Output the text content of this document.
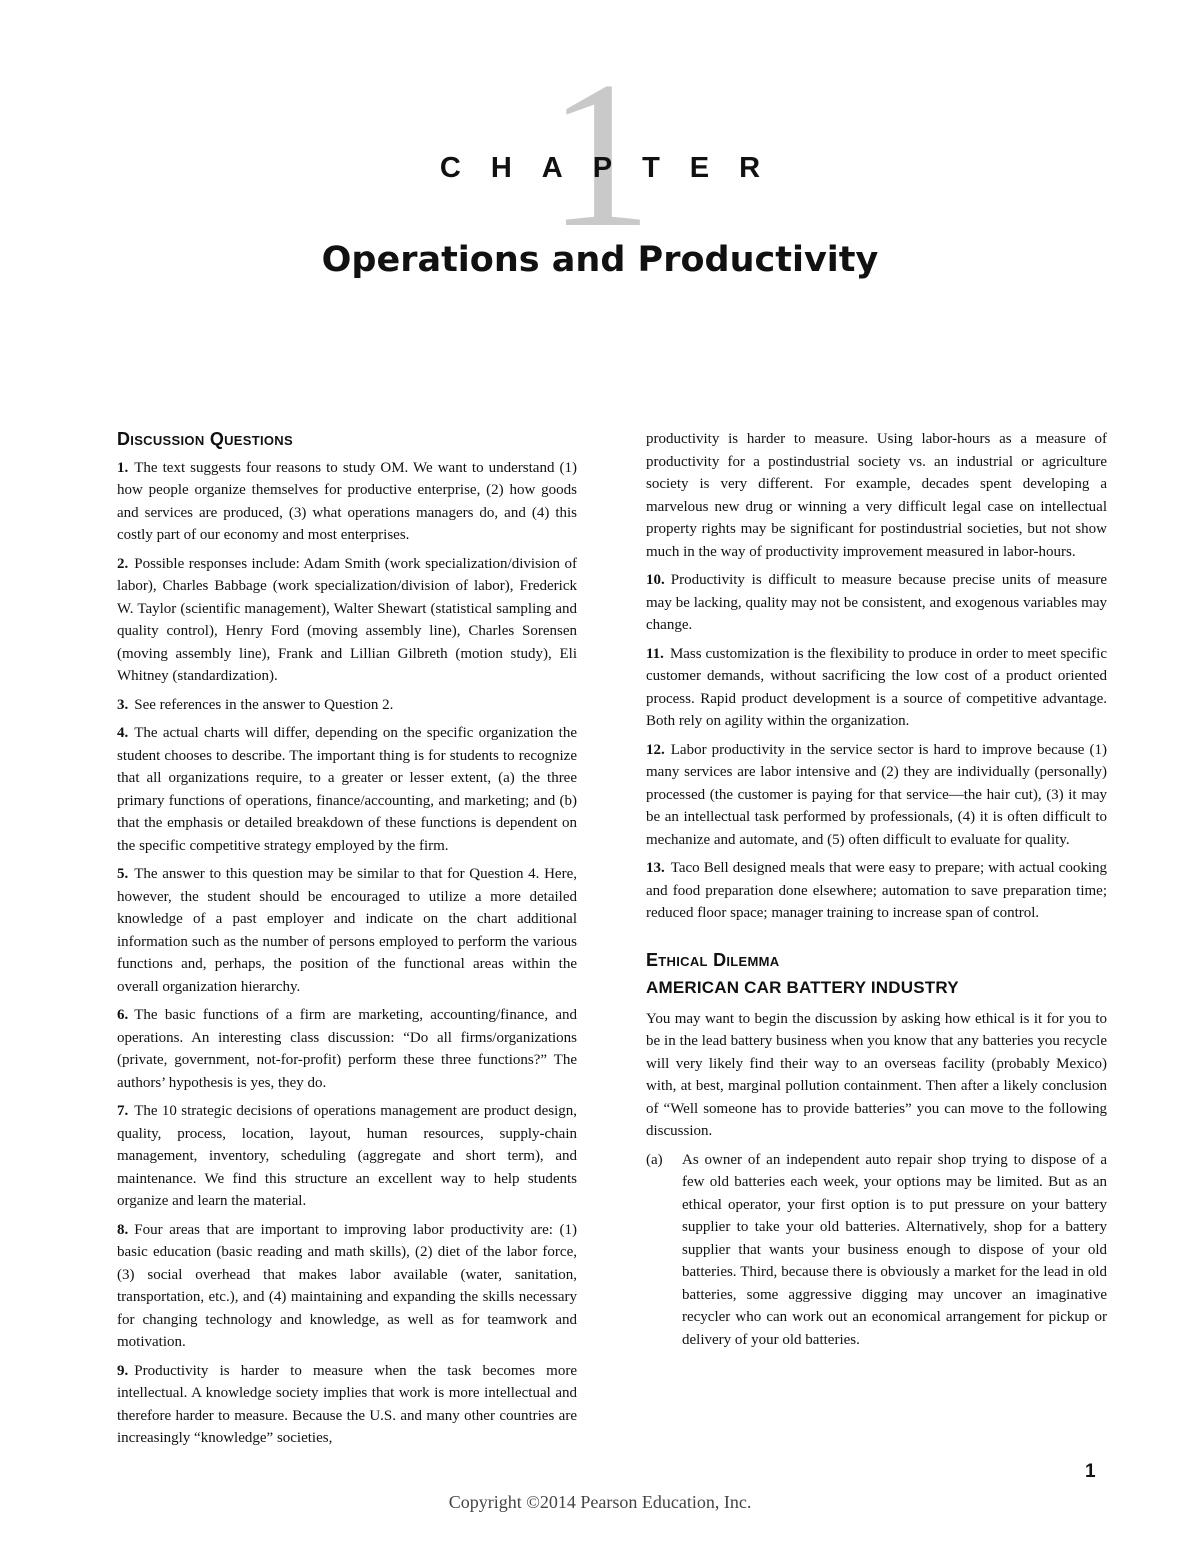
1
CHAPTER
Operations and Productivity
Discussion Questions

1. The text suggests four reasons to study OM. We want to understand (1) how people organize themselves for productive enterprise, (2) how goods and services are produced, (3) what operations managers do, and (4) this costly part of our economy and most enterprises.

2. Possible responses include: Adam Smith (work specialization/division of labor), Charles Babbage (work specialization/division of labor), Frederick W. Taylor (scientific management), Walter Shewart (statistical sampling and quality control), Henry Ford (moving assembly line), Charles Sorensen (moving assembly line), Frank and Lillian Gilbreth (motion study), Eli Whitney (standardization).

3. See references in the answer to Question 2.

4. The actual charts will differ, depending on the specific organization the student chooses to describe. The important thing is for students to recognize that all organizations require, to a greater or lesser extent, (a) the three primary functions of operations, finance/accounting, and marketing; and (b) that the emphasis or detailed breakdown of these functions is dependent on the specific competitive strategy employed by the firm.

5. The answer to this question may be similar to that for Question 4. Here, however, the student should be encouraged to utilize a more detailed knowledge of a past employer and indicate on the chart additional information such as the number of persons employed to perform the various functions and, perhaps, the position of the functional areas within the overall organization hierarchy.

6. The basic functions of a firm are marketing, accounting/finance, and operations. An interesting class discussion: “Do all firms/organizations (private, government, not-for-profit) perform these three functions?” The authors’ hypothesis is yes, they do.

7. The 10 strategic decisions of operations management are product design, quality, process, location, layout, human resources, supply-chain management, inventory, scheduling (aggregate and short term), and maintenance. We find this structure an excellent way to help students organize and learn the material.

8. Four areas that are important to improving labor productivity are: (1) basic education (basic reading and math skills), (2) diet of the labor force, (3) social overhead that makes labor available (water, sanitation, transportation, etc.), and (4) maintaining and expanding the skills necessary for changing technology and knowledge, as well as for teamwork and motivation.

9. Productivity is harder to measure when the task becomes more intellectual. A knowledge society implies that work is more intellectual and therefore harder to measure. Because the U.S. and many other countries are increasingly “knowledge” societies,

productivity is harder to measure. Using labor-hours as a measure of productivity for a postindustrial society vs. an industrial or agriculture society is very different. For example, decades spent developing a marvelous new drug or winning a very difficult legal case on intellectual property rights may be significant for postindustrial societies, but not show much in the way of productivity improvement measured in labor-hours.

10. Productivity is difficult to measure because precise units of measure may be lacking, quality may not be consistent, and exogenous variables may change.

11. Mass customization is the flexibility to produce in order to meet specific customer demands, without sacrificing the low cost of a product oriented process. Rapid product development is a source of competitive advantage. Both rely on agility within the organization.

12. Labor productivity in the service sector is hard to improve because (1) many services are labor intensive and (2) they are individually (personally) processed (the customer is paying for that service—the hair cut), (3) it may be an intellectual task performed by professionals, (4) it is often difficult to mechanize and automate, and (5) often difficult to evaluate for quality.

13. Taco Bell designed meals that were easy to prepare; with actual cooking and food preparation done elsewhere; automation to save preparation time; reduced floor space; manager training to increase span of control.

Ethical Dilemma
AMERICAN CAR BATTERY INDUSTRY

You may want to begin the discussion by asking how ethical is it for you to be in the lead battery business when you know that any batteries you recycle will very likely find their way to an overseas facility (probably Mexico) with, at best, marginal pollution containment. Then after a likely conclusion of “Well someone has to provide batteries” you can move to the following discussion.

(a)	As owner of an independent auto repair shop trying to dispose of a few old batteries each week, your options may be limited. But as an ethical operator, your first option is to put pressure on your battery supplier to take your old batteries. Alternatively, shop for a battery supplier that wants your business enough to dispose of your old batteries. Third, because there is obviously a market for the lead in old batteries, some aggressive digging may uncover an imaginative recycler who can work out an economical arrangement for pickup or delivery of your old batteries.
1
Copyright ©2014 Pearson Education, Inc.
